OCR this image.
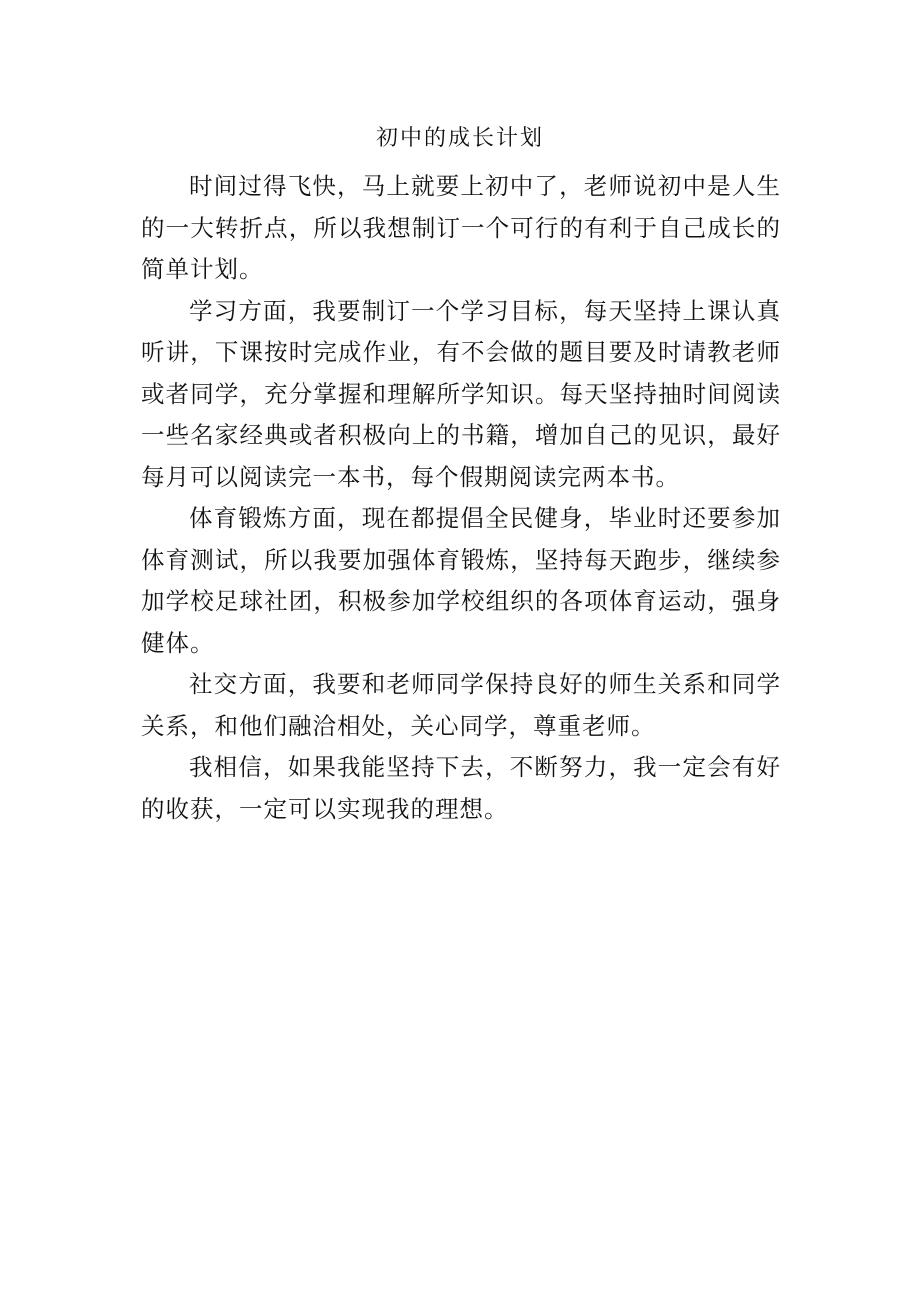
初中的成长计划

时间过得飞快，马上就要上初中了，老师说初中是人生的一大转折点，所以我想制订一个可行的有利于自己成长的简单计划。

学习方面，我要制订一个学习目标，每天坚持上课认真听讲，下课按时完成作业，有不会做的题目要及时请教老师或者同学，充分掌握和理解所学知识。每天坚持抽时间阅读一些名家经典或者积极向上的书籍，增加自己的见识，最好每月可以阅读完一本书，每个假期阅读完两本书。

体育锻炼方面，现在都提倡全民健身，毕业时还要参加体育测试，所以我要加强体育锻炼，坚持每天跑步，继续参加学校足球社团，积极参加学校组织的各项体育运动，强身健体。

社交方面，我要和老师同学保持良好的师生关系和同学关系，和他们融洽相处，关心同学，尊重老师。

我相信，如果我能坚持下去，不断努力，我一定会有好的收获，一定可以实现我的理想。
